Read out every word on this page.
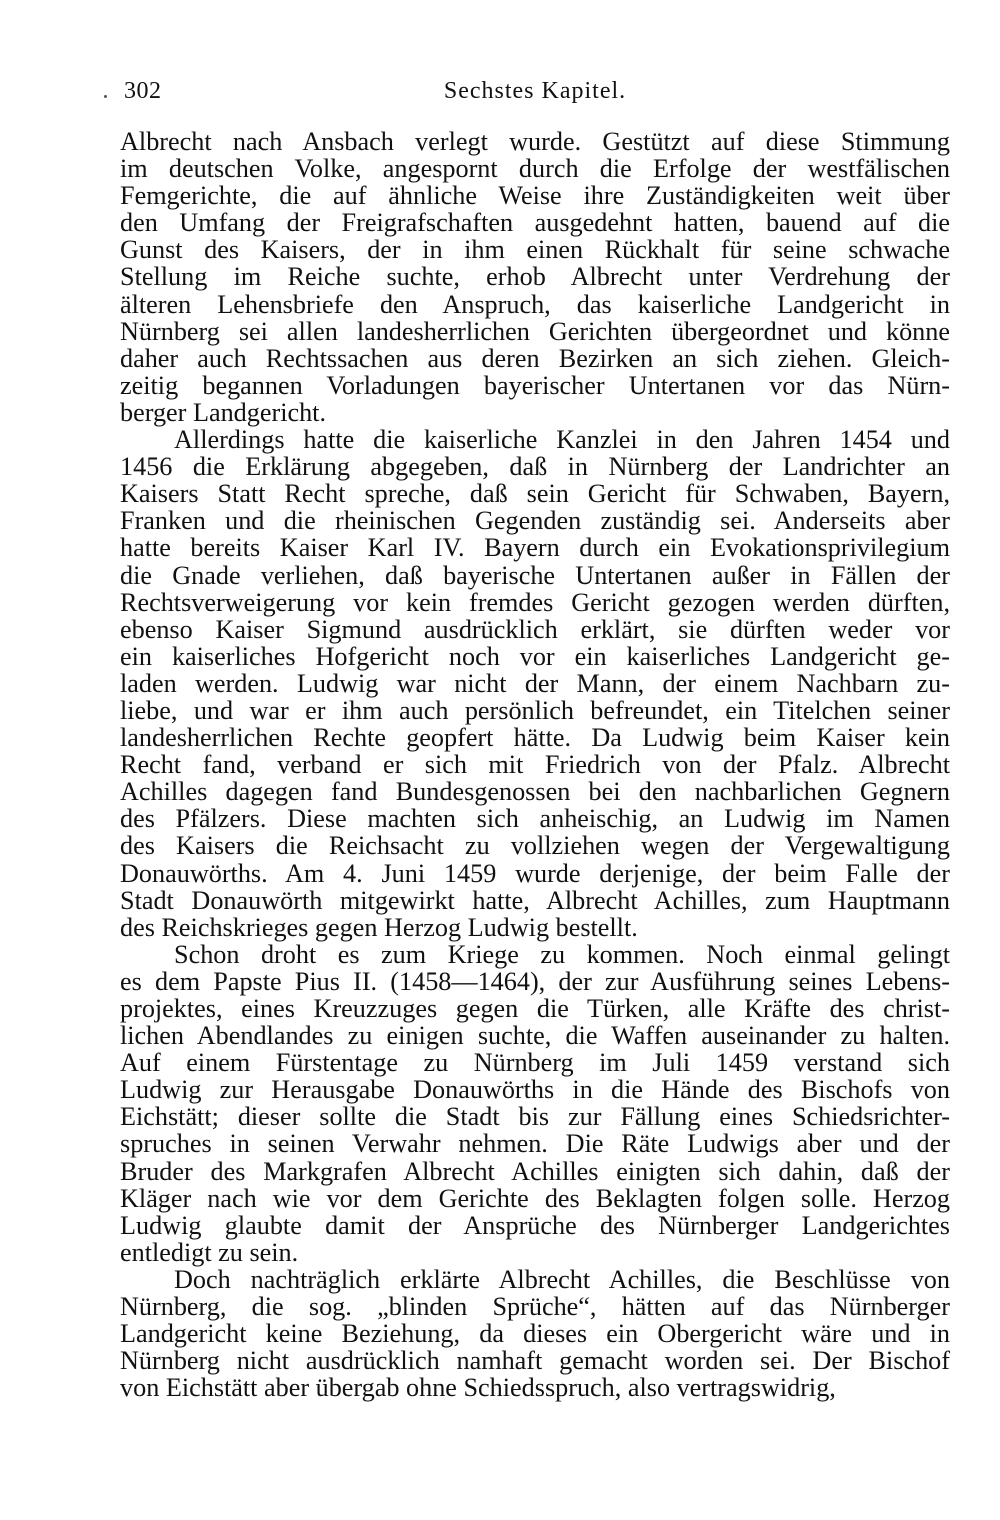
302	Sechstes Kapitel.
Albrecht nach Ansbach verlegt wurde. Gestützt auf diese Stimmung
im deutschen Volke, angespornt durch die Erfolge der westfälischen
Femgerichte, die auf ähnliche Weise ihre Zuständigkeiten weit über
den Umfang der Freigrafschaften ausgedehnt hatten, bauend auf die
Gunst des Kaisers, der in ihm einen Rückhalt für seine schwache
Stellung im Reiche suchte, erhob Albrecht unter Verdrehung der
älteren Lehensbriefe den Anspruch, das kaiserliche Landgericht in
Nürnberg sei allen landesherrlichen Gerichten übergeordnet und könne
daher auch Rechtssachen aus deren Bezirken an sich ziehen. Gleich-
zeitig begannen Vorladungen bayerischer Untertanen vor das Nürn-
berger Landgericht.
Allerdings hatte die kaiserliche Kanzlei in den Jahren 1454 und
1456 die Erklärung abgegeben, daß in Nürnberg der Landrichter an
Kaisers Statt Recht spreche, daß sein Gericht für Schwaben, Bayern,
Franken und die rheinischen Gegenden zuständig sei. Anderseits aber
hatte bereits Kaiser Karl IV. Bayern durch ein Evokationsprivilegium
die Gnade verliehen, daß bayerische Untertanen außer in Fällen der
Rechtsverweigerung vor kein fremdes Gericht gezogen werden dürften,
ebenso Kaiser Sigmund ausdrücklich erklärt, sie dürften weder vor
ein kaiserliches Hofgericht noch vor ein kaiserliches Landgericht ge-
laden werden. Ludwig war nicht der Mann, der einem Nachbarn zu-
liebe, und war er ihm auch persönlich befreundet, ein Titelchen seiner
landesherrlichen Rechte geopfert hätte. Da Ludwig beim Kaiser kein
Recht fand, verband er sich mit Friedrich von der Pfalz. Albrecht
Achilles dagegen fand Bundesgenossen bei den nachbarlichen Gegnern
des Pfälzers. Diese machten sich anheischig, an Ludwig im Namen
des Kaisers die Reichsacht zu vollziehen wegen der Vergewaltigung
Donauwörths. Am 4. Juni 1459 wurde derjenige, der beim Falle der
Stadt Donauwörth mitgewirkt hatte, Albrecht Achilles, zum Hauptmann
des Reichskrieges gegen Herzog Ludwig bestellt.
Schon droht es zum Kriege zu kommen. Noch einmal gelingt
es dem Papste Pius II. (1458—1464), der zur Ausführung seines Lebens-
projektes, eines Kreuzzuges gegen die Türken, alle Kräfte des christ-
lichen Abendlandes zu einigen suchte, die Waffen auseinander zu halten.
Auf einem Fürstentage zu Nürnberg im Juli 1459 verstand sich
Ludwig zur Herausgabe Donauwörths in die Hände des Bischofs von
Eichstätt; dieser sollte die Stadt bis zur Fällung eines Schiedsrichter-
spruches in seinen Verwahr nehmen. Die Räte Ludwigs aber und der
Bruder des Markgrafen Albrecht Achilles einigten sich dahin, daß der
Kläger nach wie vor dem Gerichte des Beklagten folgen solle. Herzog
Ludwig glaubte damit der Ansprüche des Nürnberger Landgerichtes
entledigt zu sein.
Doch nachträglich erklärte Albrecht Achilles, die Beschlüsse von
Nürnberg, die sog. „blinden Sprüche“, hätten auf das Nürnberger
Landgericht keine Beziehung, da dieses ein Obergericht wäre und in
Nürnberg nicht ausdrücklich namhaft gemacht worden sei. Der Bischof
von Eichstätt aber übergab ohne Schiedsspruch, also vertragswidrig,
